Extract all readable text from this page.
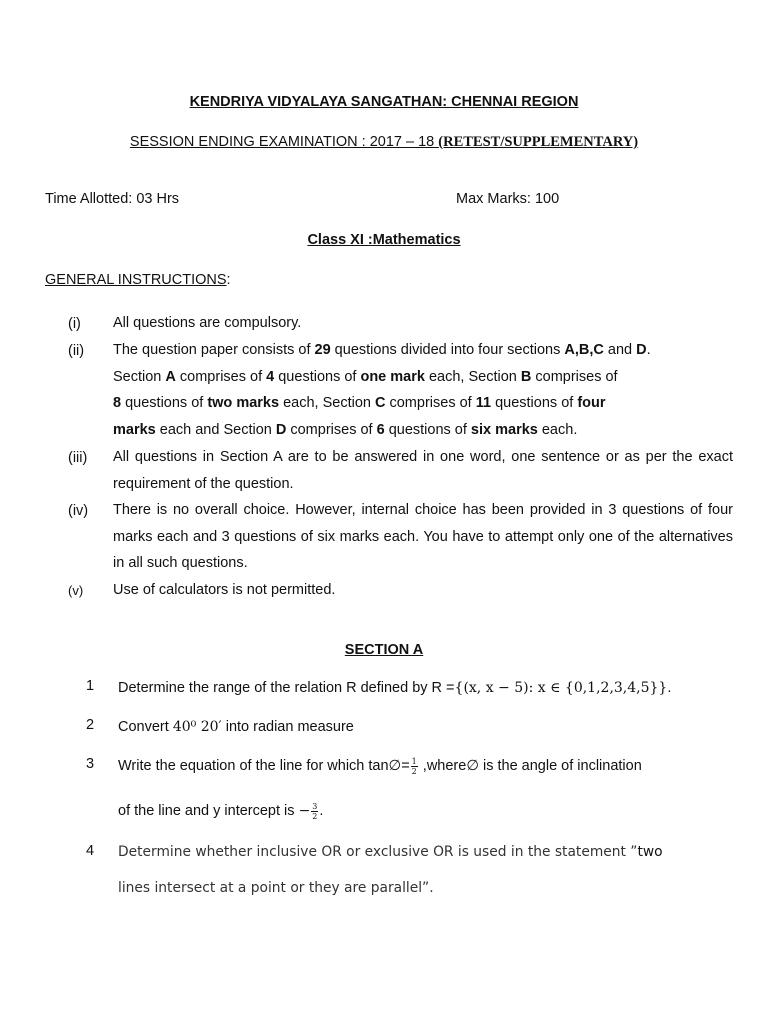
KENDRIYA VIDYALAYA SANGATHAN: CHENNAI REGION
SESSION ENDING EXAMINATION : 2017 – 18 (RETEST/SUPPLEMENTARY)
Time Allotted: 03 Hrs	Max Marks: 100
Class XI :Mathematics
GENERAL INSTRUCTIONS:
(i) All questions are compulsory.
(ii) The question paper consists of 29 questions divided into four sections A,B,C and D.
Section A comprises of 4 questions of one mark each, Section B comprises of
8 questions of two marks each, Section C comprises of 11 questions of four
marks each and Section D comprises of 6 questions of six marks each.
(iii) All questions in Section A are to be answered in one word, one sentence or as per the exact requirement of the question.
(iv) There is no overall choice. However, internal choice has been provided in 3 questions of four marks each and 3 questions of six marks each. You have to attempt only one of the alternatives in all such questions.
(v) Use of calculators is not permitted.
SECTION A
1 Determine the range of the relation R defined by R ={(x, x − 5): x ∈ {0,1,2,3,4,5}}.
2 Convert 40⁰ 20′ into radian measure
3 Write the equation of the line for which tan∅= $\frac{1}{2}$ ,where∅ is the angle of inclination
of the line and y intercept is − $\frac{3}{2}$ .
4 Determine whether inclusive OR or exclusive OR is used in the statement ”two
lines intersect at a point or they are parallel”.
